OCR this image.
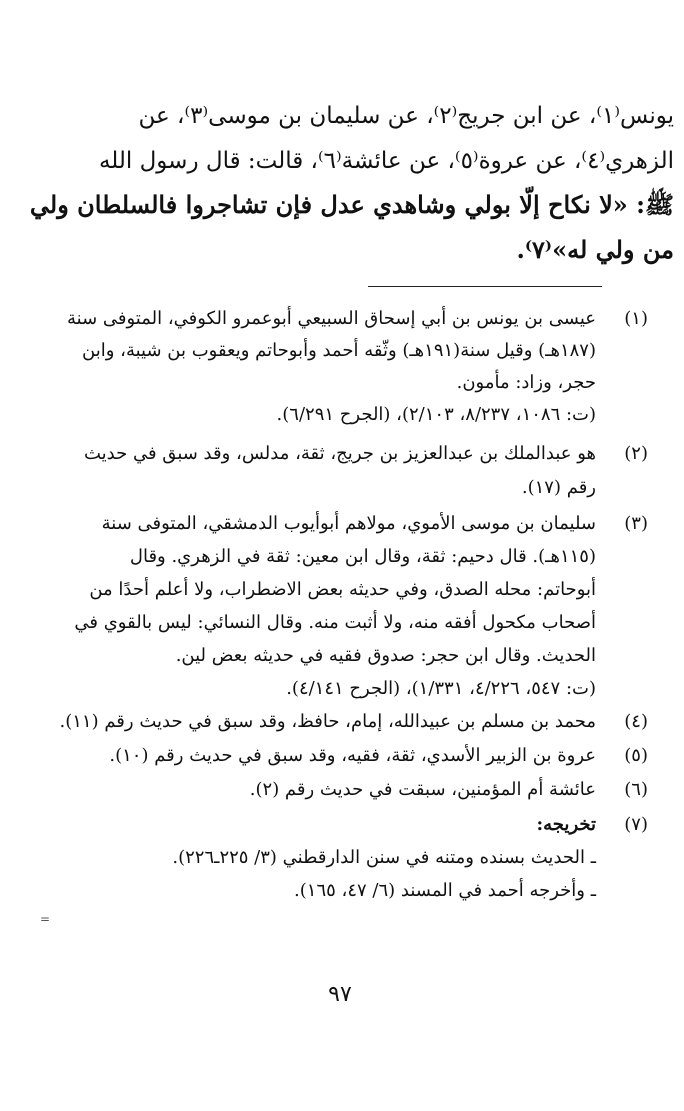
يونس⁽١⁾، عن ابن جريج⁽٢⁾، عن سليمان بن موسى⁽٣⁾، عن
الزهري⁽٤⁾، عن عروة⁽٥⁾، عن عائشة⁽٦⁾، قالت: قال رسول الله
ﷺ: «لا نكاح إلّا بولي وشاهدي عدل فإن تشاجروا فالسلطان ولي
من ولي له»⁽٧⁾.
(١)
عيسى بن يونس بن أبي إسحاق السبيعي أبوعمرو الكوفي، المتوفى سنة
(١٨٧هـ) وقيل سنة(١٩١هـ) وثّقه أحمد وأبوحاتم ويعقوب بن شيبة، وابن
حجر، وزاد: مأمون.
(ت: ١٠٨٦، ٨/٢٣٧، ٢/١٠٣)، (الجرح ٦/٢٩١).
(٢)
هو عبدالملك بن عبدالعزيز بن جريج، ثقة، مدلس، وقد سبق في حديث
رقم (١٧).
(٣)
سليمان بن موسى الأموي، مولاهم أبوأيوب الدمشقي، المتوفى سنة
(١١٥هـ). قال دحيم: ثقة، وقال ابن معين: ثقة في الزهري. وقال
أبوحاتم: محله الصدق، وفي حديثه بعض الاضطراب، ولا أعلم أحدًا من
أصحاب مكحول أفقه منه، ولا أثبت منه. وقال النسائي: ليس بالقوي في
الحديث. وقال ابن حجر: صدوق فقيه في حديثه بعض لين.
(ت: ٥٤٧، ٤/٢٢٦، ١/٣٣١)، (الجرح ٤/١٤١).
(٤)
محمد بن مسلم بن عبيدالله، إمام، حافظ، وقد سبق في حديث رقم (١١).
(٥)
عروة بن الزبير الأسدي، ثقة، فقيه، وقد سبق في حديث رقم (١٠).
(٦)
عائشة أم المؤمنين، سبقت في حديث رقم (٢).
(٧)
تخريجه:
ـ الحديث بسنده ومتنه في سنن الدارقطني (٣/ ٢٢٥ـ٢٢٦).
ـ وأخرجه أحمد في المسند (٦/ ٤٧، ١٦٥).
=
٩٧
